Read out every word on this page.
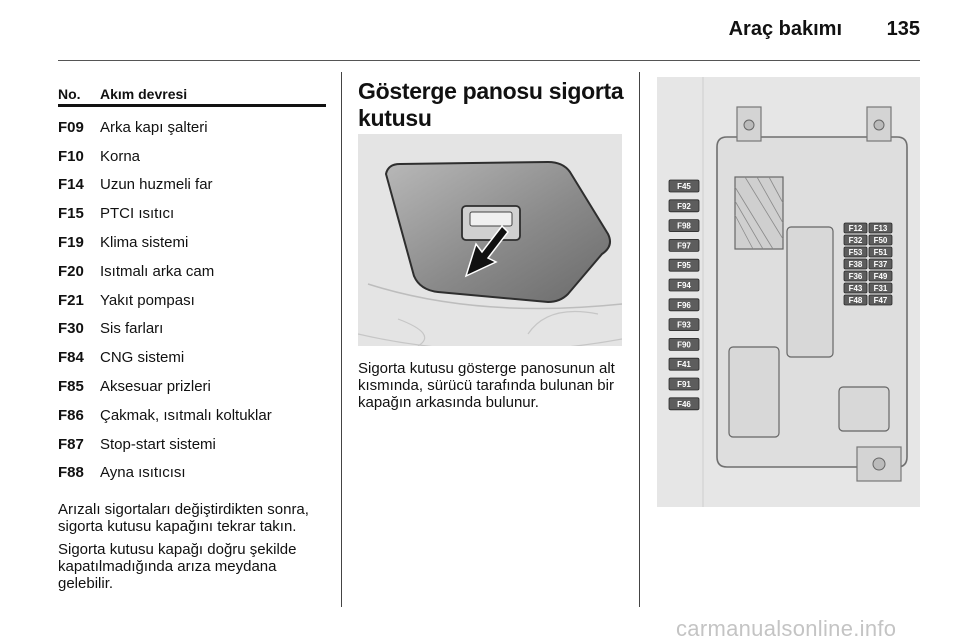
Araç bakımı 135
No.	Akım devresi
F09	Arka kapı şalteri
F10	Korna
F14	Uzun huzmeli far
F15	PTCI ısıtıcı
F19	Klima sistemi
F20	Isıtmalı arka cam
F21	Yakıt pompası
F30	Sis farları
F84	CNG sistemi
F85	Aksesuar prizleri
F86	Çakmak, ısıtmalı koltuklar
F87	Stop-start sistemi
F88	Ayna ısıtıcısı

Arızalı sigortaları değiştirdikten sonra, sigorta kutusu kapağını tekrar takın.

Sigorta kutusu kapağı doğru şekilde kapatılmadığında arıza meydana gelebilir.

Gösterge panosu sigorta kutusu

Sigorta kutusu gösterge panosunun alt kısmında, sürücü tarafında bulunan bir kapağın arkasında bulunur.

F45
F92
F98
F97
F95
F94
F96
F93
F90
F41
F91
F46
F12 F13
F32 F50
F53 F51
F38 F37
F36 F49
F43 F31
F48 F47
carmanualsonline.info
